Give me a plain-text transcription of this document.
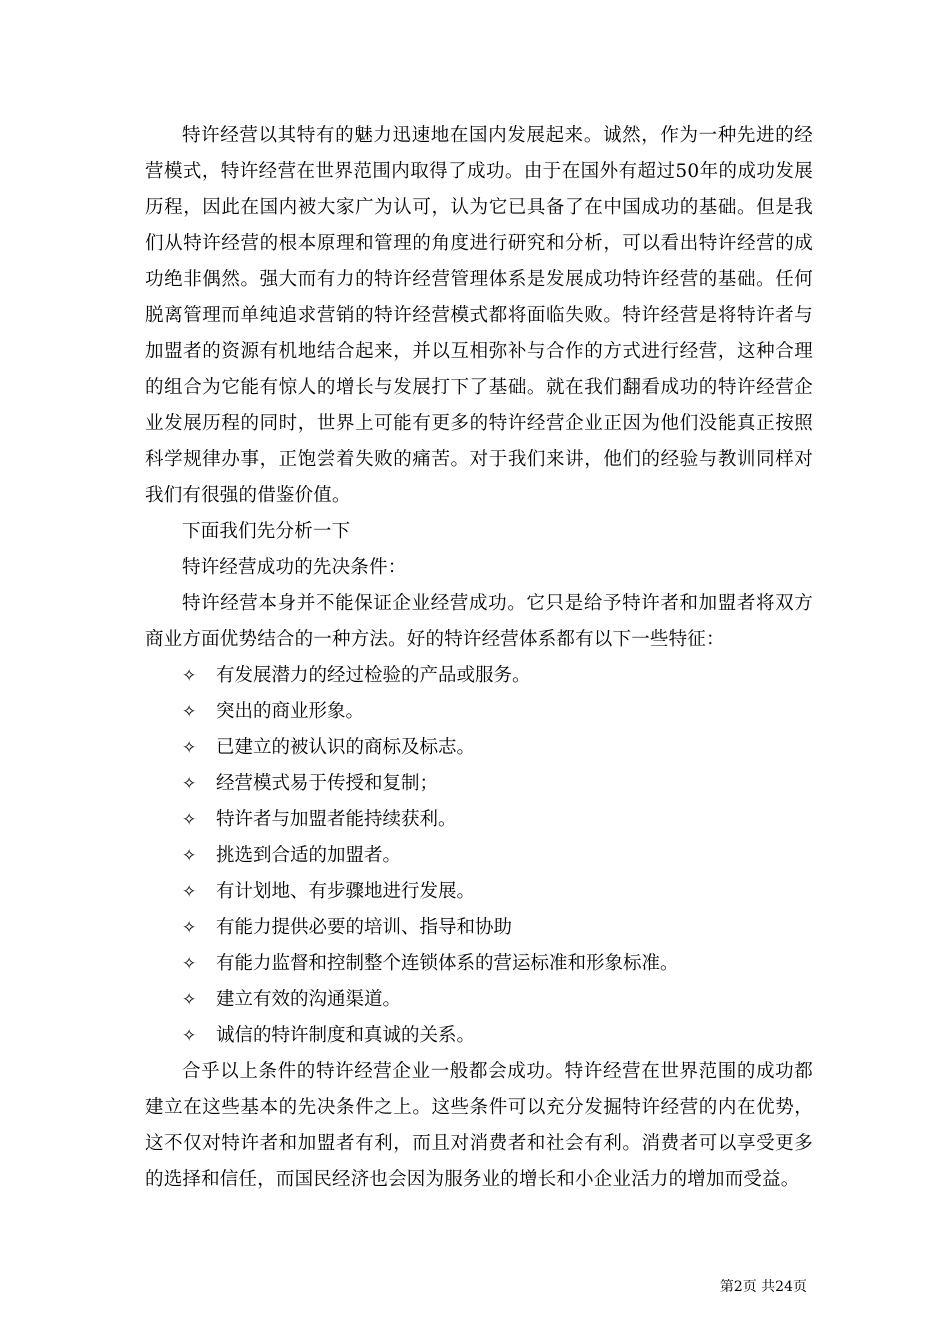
特许经营以其特有的魅力迅速地在国内发展起来。诚然，作为一种先进的经营模式，特许经营在世界范围内取得了成功。由于在国外有超过50年的成功发展历程，因此在国内被大家广为认可，认为它已具备了在中国成功的基础。但是我们从特许经营的根本原理和管理的角度进行研究和分析，可以看出特许经营的成功绝非偶然。强大而有力的特许经营管理体系是发展成功特许经营的基础。任何脱离管理而单纯追求营销的特许经营模式都将面临失败。特许经营是将特许者与加盟者的资源有机地结合起来，并以互相弥补与合作的方式进行经营，这种合理的组合为它能有惊人的增长与发展打下了基础。就在我们翻看成功的特许经营企业发展历程的同时，世界上可能有更多的特许经营企业正因为他们没能真正按照科学规律办事，正饱尝着失败的痛苦。对于我们来讲，他们的经验与教训同样对我们有很强的借鉴价值。

下面我们先分析一下

特许经营成功的先决条件：

特许经营本身并不能保证企业经营成功。它只是给予特许者和加盟者将双方商业方面优势结合的一种方法。好的特许经营体系都有以下一些特征：

✧	有发展潜力的经过检验的产品或服务。
✧	突出的商业形象。
✧	已建立的被认识的商标及标志。
✧	经营模式易于传授和复制；
✧	特许者与加盟者能持续获利。
✧	挑选到合适的加盟者。
✧	有计划地、有步骤地进行发展。
✧	有能力提供必要的培训、指导和协助
✧	有能力监督和控制整个连锁体系的营运标准和形象标准。
✧	建立有效的沟通渠道。
✧	诚信的特许制度和真诚的关系。

合乎以上条件的特许经营企业一般都会成功。特许经营在世界范围的成功都建立在这些基本的先决条件之上。这些条件可以充分发掘特许经营的内在优势，这不仅对特许者和加盟者有利，而且对消费者和社会有利。消费者可以享受更多的选择和信任，而国民经济也会因为服务业的增长和小企业活力的增加而受益。

第2页 共24页
